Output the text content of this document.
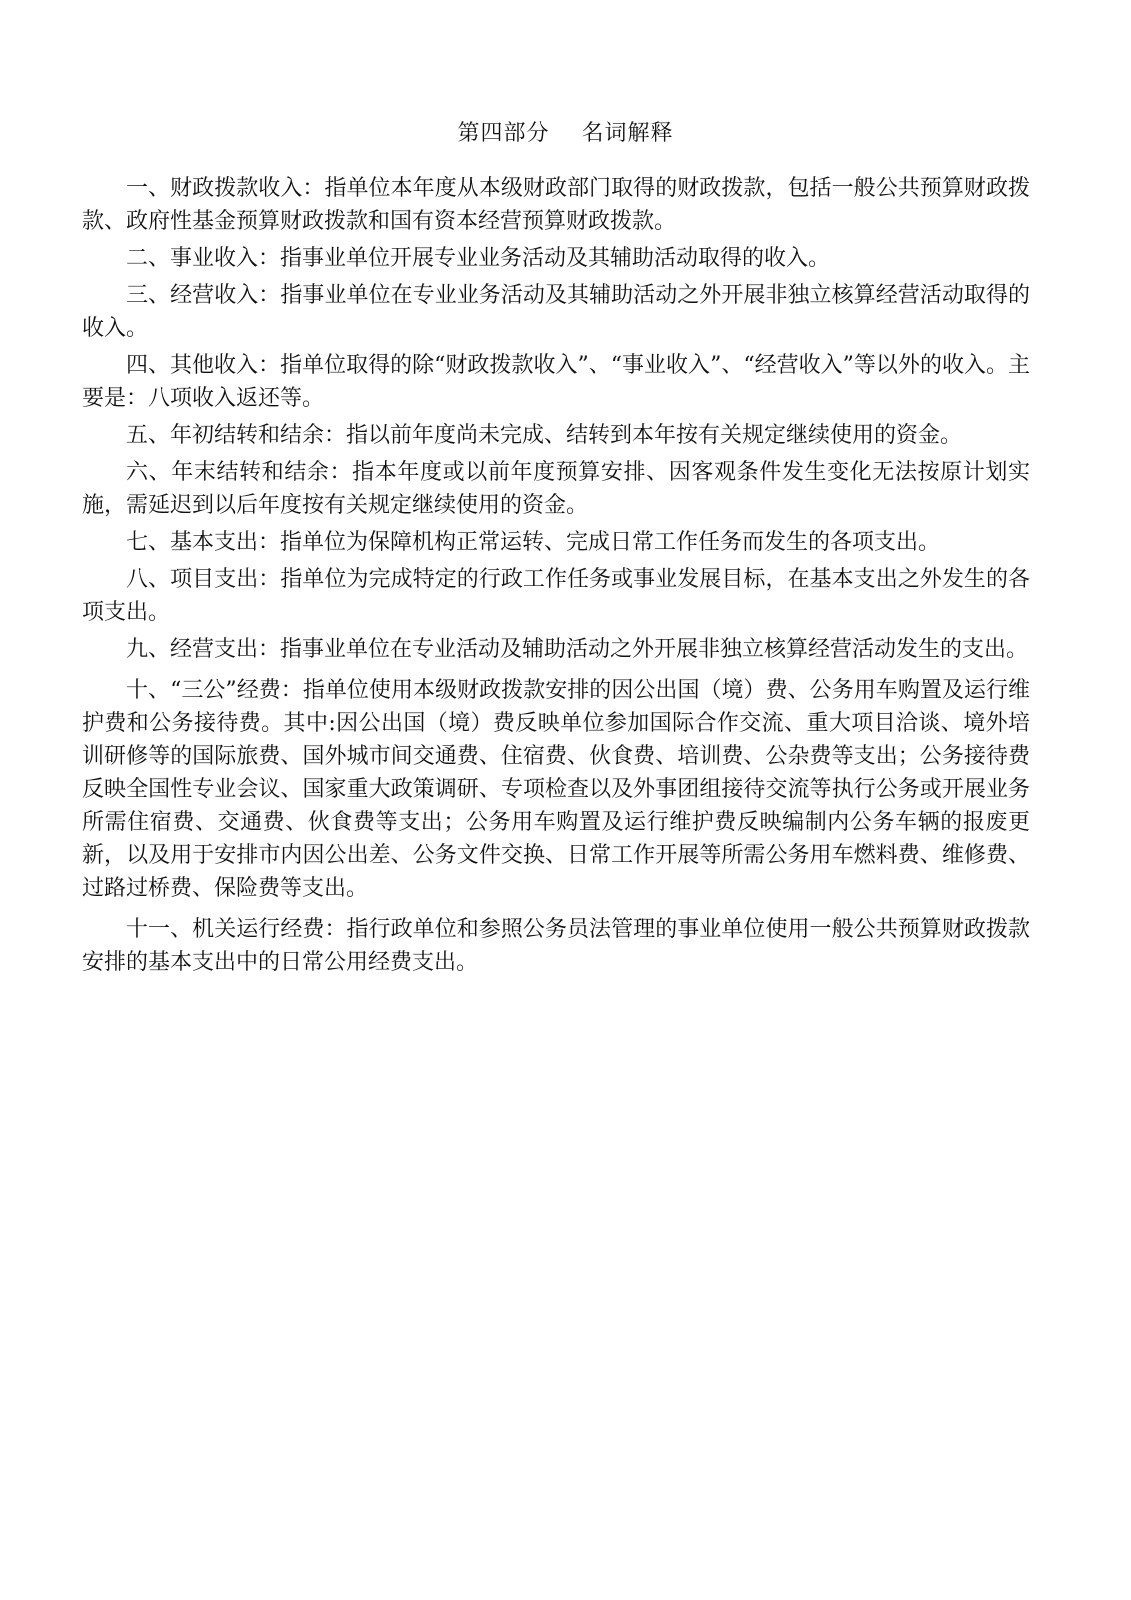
第四部分    名词解释

一、财政拨款收入：指单位本年度从本级财政部门取得的财政拨款，包括一般公共预算财政拨款、政府性基金预算财政拨款和国有资本经营预算财政拨款。

二、事业收入：指事业单位开展专业业务活动及其辅助活动取得的收入。

三、经营收入：指事业单位在专业业务活动及其辅助活动之外开展非独立核算经营活动取得的收入。

四、其他收入：指单位取得的除“财政拨款收入”、“事业收入”、“经营收入”等以外的收入。主要是：八项收入返还等。

五、年初结转和结余：指以前年度尚未完成、结转到本年按有关规定继续使用的资金。

六、年末结转和结余：指本年度或以前年度预算安排、因客观条件发生变化无法按原计划实施，需延迟到以后年度按有关规定继续使用的资金。

七、基本支出：指单位为保障机构正常运转、完成日常工作任务而发生的各项支出。

八、项目支出：指单位为完成特定的行政工作任务或事业发展目标，在基本支出之外发生的各项支出。

九、经营支出：指事业单位在专业活动及辅助活动之外开展非独立核算经营活动发生的支出。

十、“三公”经费：指单位使用本级财政拨款安排的因公出国（境）费、公务用车购置及运行维护费和公务接待费。其中:因公出国（境）费反映单位参加国际合作交流、重大项目洽谈、境外培训研修等的国际旅费、国外城市间交通费、住宿费、伙食费、培训费、公杂费等支出；公务接待费反映全国性专业会议、国家重大政策调研、专项检查以及外事团组接待交流等执行公务或开展业务所需住宿费、交通费、伙食费等支出；公务用车购置及运行维护费反映编制内公务车辆的报废更新，以及用于安排市内因公出差、公务文件交换、日常工作开展等所需公务用车燃料费、维修费、过路过桥费、保险费等支出。

十一、机关运行经费：指行政单位和参照公务员法管理的事业单位使用一般公共预算财政拨款安排的基本支出中的日常公用经费支出。
